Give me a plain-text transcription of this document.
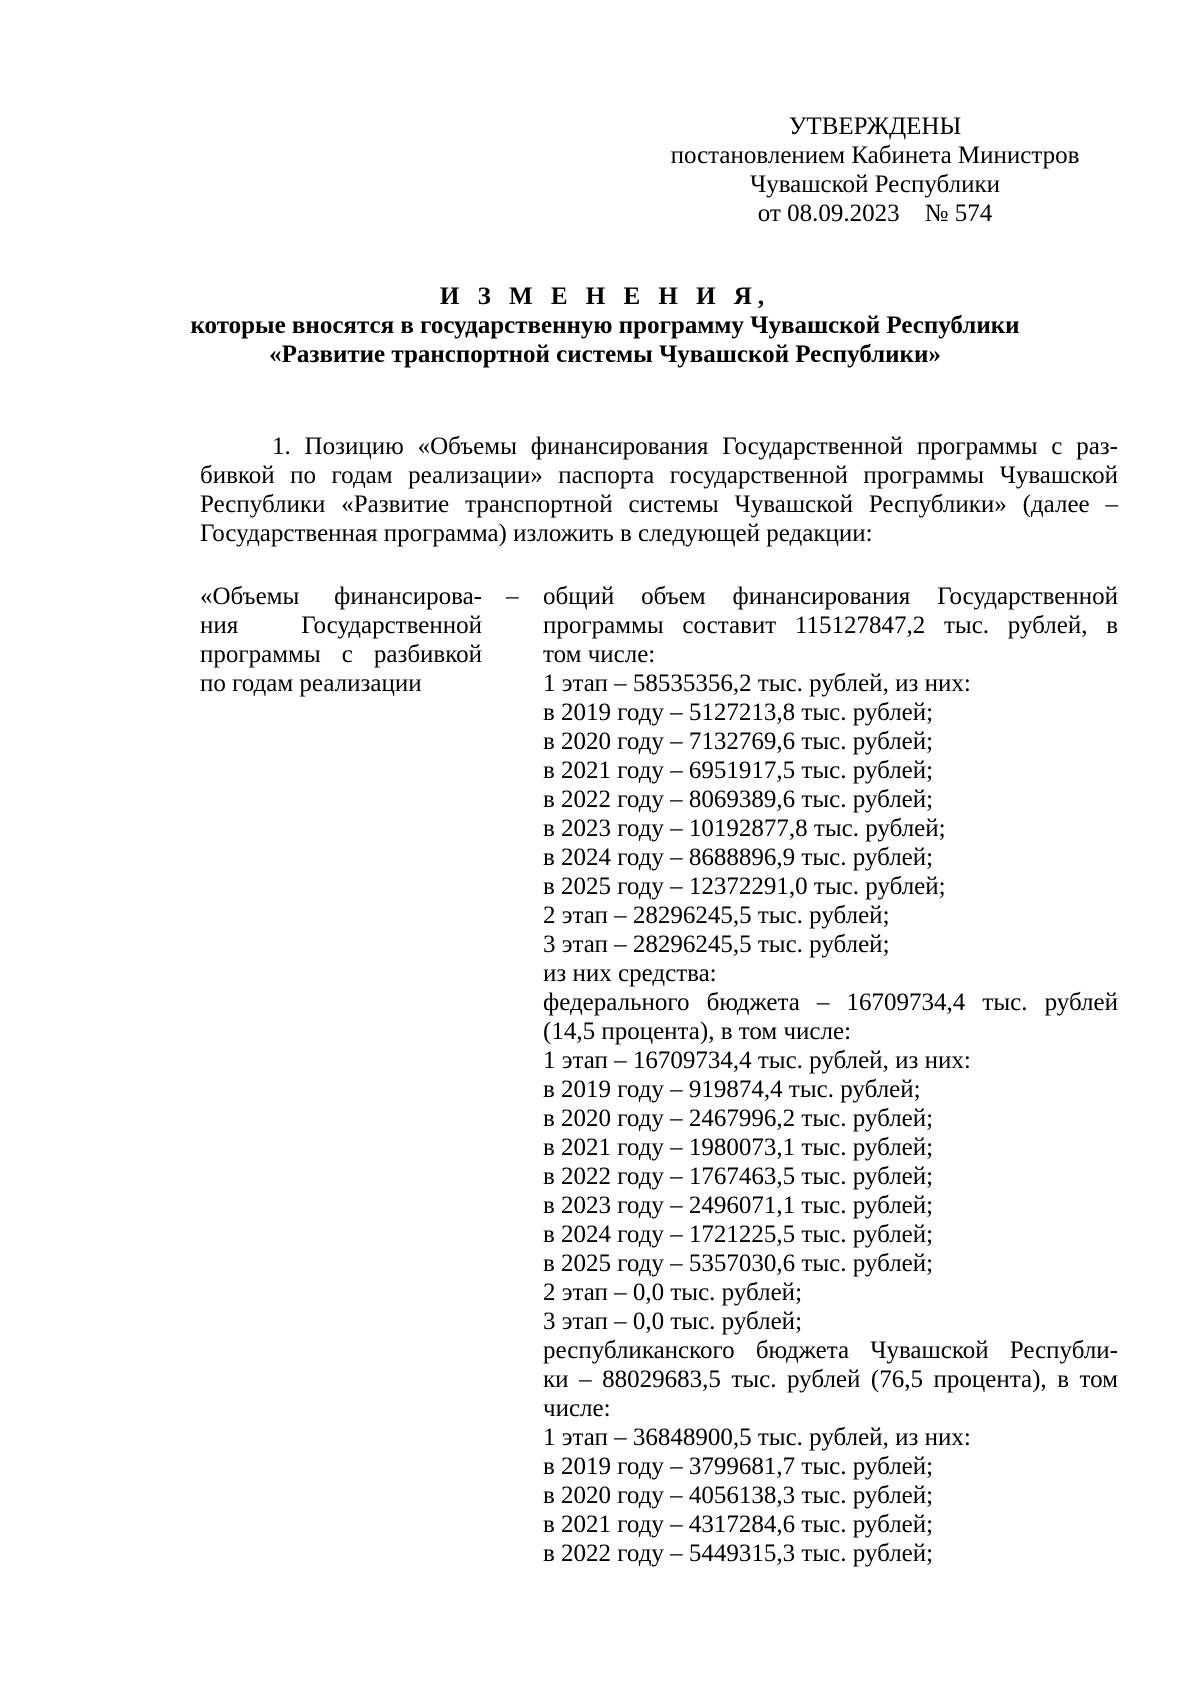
УТВЕРЖДЕНЫ
постановлением Кабинета Министров
Чувашской Республики
от 08.09.2023    № 574
И З М Е Н Е Н И Я,
которые вносятся в государственную программу Чувашской Республики
«Развитие транспортной системы Чувашской Республики»
1. Позицию «Объемы финансирования Государственной программы с раз-
бивкой по годам реализации» паспорта государственной программы Чувашской
Республики «Развитие транспортной системы Чувашской Республики» (далее –
Государственная программа) изложить в следующей редакции:
«Объемы финансирова-
ния Государственной
программы с разбивкой
по годам реализации
– общий объем финансирования Государственной
программы составит 115127847,2 тыс. рублей, в
том числе:
1 этап – 58535356,2 тыс. рублей, из них:
в 2019 году – 5127213,8 тыс. рублей;
в 2020 году – 7132769,6 тыс. рублей;
в 2021 году – 6951917,5 тыс. рублей;
в 2022 году – 8069389,6 тыс. рублей;
в 2023 году – 10192877,8 тыс. рублей;
в 2024 году – 8688896,9 тыс. рублей;
в 2025 году – 12372291,0 тыс. рублей;
2 этап – 28296245,5 тыс. рублей;
3 этап – 28296245,5 тыс. рублей;
из них средства:
федерального бюджета – 16709734,4 тыс. рублей
(14,5 процента), в том числе:
1 этап – 16709734,4 тыс. рублей, из них:
в 2019 году – 919874,4 тыс. рублей;
в 2020 году – 2467996,2 тыс. рублей;
в 2021 году – 1980073,1 тыс. рублей;
в 2022 году – 1767463,5 тыс. рублей;
в 2023 году – 2496071,1 тыс. рублей;
в 2024 году – 1721225,5 тыс. рублей;
в 2025 году – 5357030,6 тыс. рублей;
2 этап – 0,0 тыс. рублей;
3 этап – 0,0 тыс. рублей;
республиканского бюджета Чувашской Республи-
ки – 88029683,5 тыс. рублей (76,5 процента), в том
числе:
1 этап – 36848900,5 тыс. рублей, из них:
в 2019 году – 3799681,7 тыс. рублей;
в 2020 году – 4056138,3 тыс. рублей;
в 2021 году – 4317284,6 тыс. рублей;
в 2022 году – 5449315,3 тыс. рублей;
